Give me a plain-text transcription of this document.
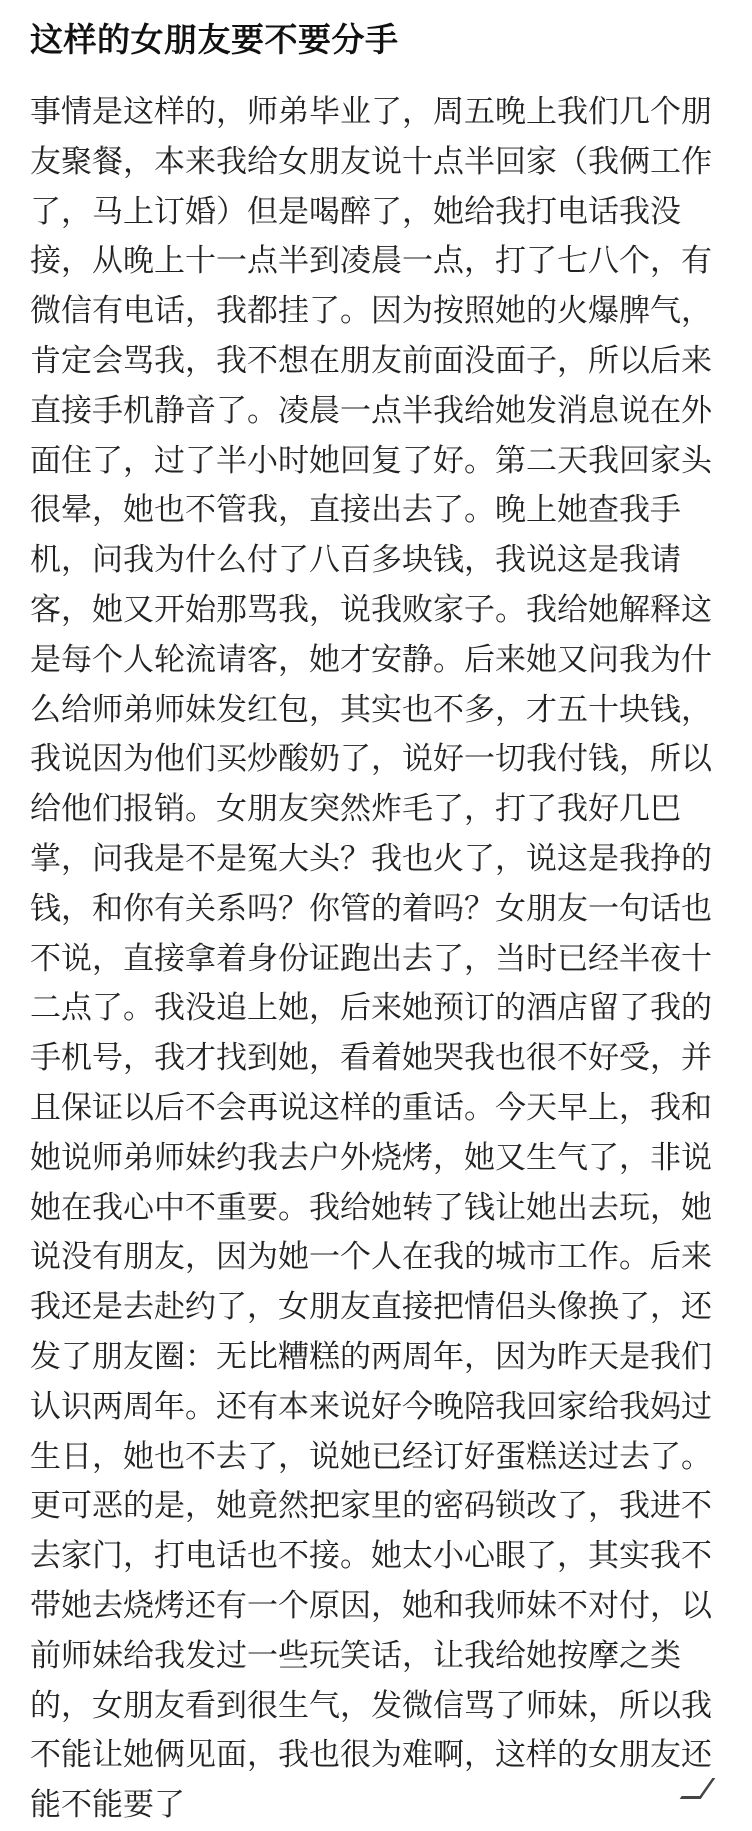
这样的女朋友要不要分手
事情是这样的，师弟毕业了，周五晚上我们几个朋
友聚餐，本来我给女朋友说十点半回家（我俩工作
了，马上订婚）但是喝醉了，她给我打电话我没
接，从晚上十一点半到凌晨一点，打了七八个，有
微信有电话，我都挂了。因为按照她的火爆脾气，
肯定会骂我，我不想在朋友前面没面子，所以后来
直接手机静音了。凌晨一点半我给她发消息说在外
面住了，过了半小时她回复了好。第二天我回家头
很晕，她也不管我，直接出去了。晚上她查我手
机，问我为什么付了八百多块钱，我说这是我请
客，她又开始那骂我，说我败家子。我给她解释这
是每个人轮流请客，她才安静。后来她又问我为什
么给师弟师妹发红包，其实也不多，才五十块钱，
我说因为他们买炒酸奶了，说好一切我付钱，所以
给他们报销。女朋友突然炸毛了，打了我好几巴
掌，问我是不是冤大头？我也火了，说这是我挣的
钱，和你有关系吗？你管的着吗？女朋友一句话也
不说，直接拿着身份证跑出去了，当时已经半夜十
二点了。我没追上她，后来她预订的酒店留了我的
手机号，我才找到她，看着她哭我也很不好受，并
且保证以后不会再说这样的重话。今天早上，我和
她说师弟师妹约我去户外烧烤，她又生气了，非说
她在我心中不重要。我给她转了钱让她出去玩，她
说没有朋友，因为她一个人在我的城市工作。后来
我还是去赴约了，女朋友直接把情侣头像换了，还
发了朋友圈：无比糟糕的两周年，因为昨天是我们
认识两周年。还有本来说好今晚陪我回家给我妈过
生日，她也不去了，说她已经订好蛋糕送过去了。
更可恶的是，她竟然把家里的密码锁改了，我进不
去家门，打电话也不接。她太小心眼了，其实我不
带她去烧烤还有一个原因，她和我师妹不对付，以
前师妹给我发过一些玩笑话，让我给她按摩之类
的，女朋友看到很生气，发微信骂了师妹，所以我
不能让她俩见面，我也很为难啊，这样的女朋友还
能不能要了
